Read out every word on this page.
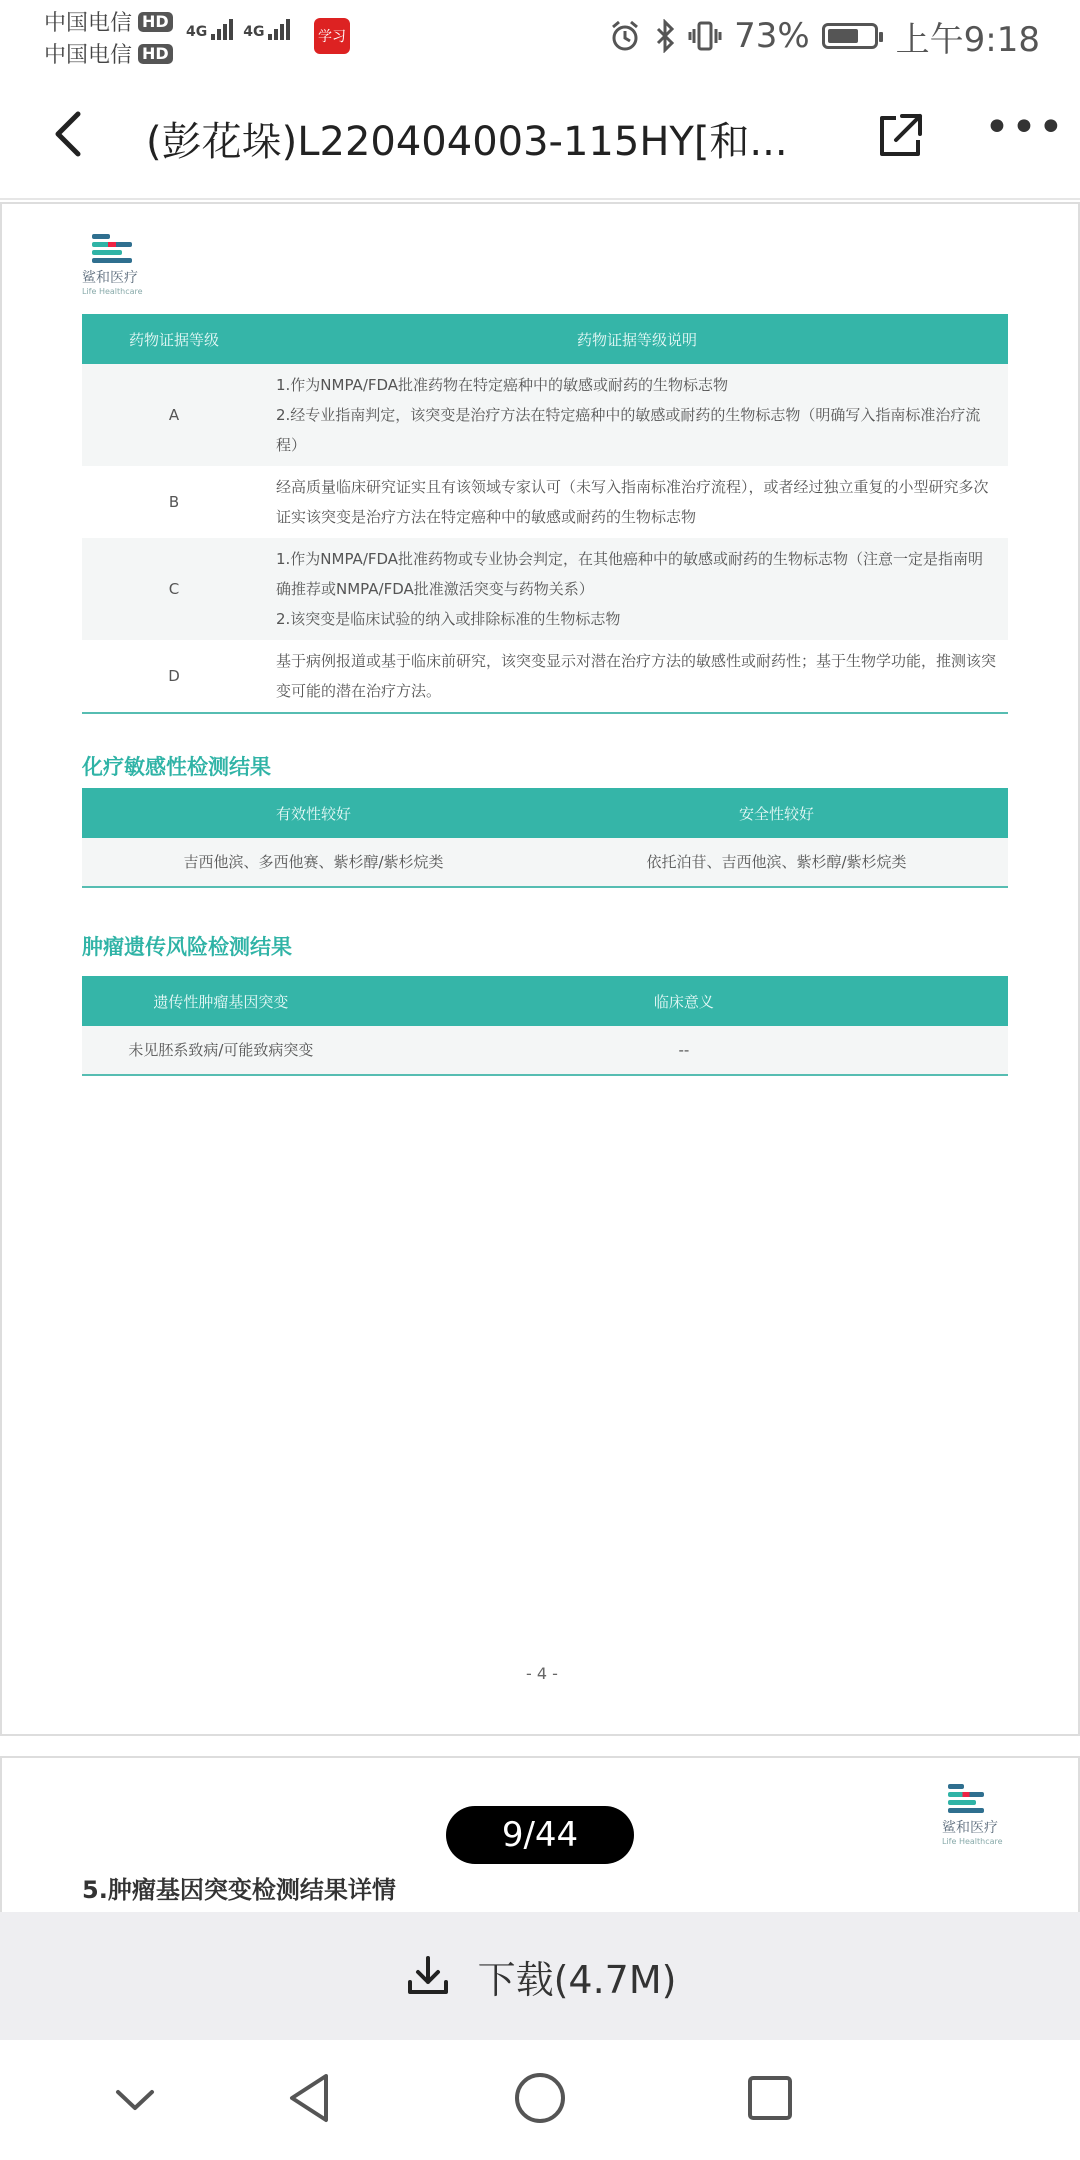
中国电信 HD
中国电信 HD
4G	4G	学习	73%	上午9:18
(彭花垛)L220404003-115HY[和...	•••
鲨和医疗
Life Healthcare
药物证据等级	药物证据等级说明
A	1.作为NMPA/FDA批准药物在特定癌种中的敏感或耐药的生物标志物
2.经专业指南判定，该突变是治疗方法在特定癌种中的敏感或耐药的生物标志物（明确写入指南标准治疗流程）

B	经高质量临床研究证实且有该领域专家认可（未写入指南标准治疗流程），或者经过独立重复的小型研究多次证实该突变是治疗方法在特定癌种中的敏感或耐药的生物标志物

C	1.作为NMPA/FDA批准药物或专业协会判定，在其他癌种中的敏感或耐药的生物标志物（注意一定是指南明确推荐或NMPA/FDA批准激活突变与药物关系）
2.该突变是临床试验的纳入或排除标准的生物标志物

D	基于病例报道或基于临床前研究，该突变显示对潜在治疗方法的敏感性或耐药性；基于生物学功能，推测该突变可能的潜在治疗方法。
化疗敏感性检测结果
有效性较好	安全性较好
吉西他滨、多西他赛、紫杉醇/紫杉烷类	依托泊苷、吉西他滨、紫杉醇/紫杉烷类
肿瘤遗传风险检测结果
遗传性肿瘤基因突变	临床意义
未见胚系致病/可能致病突变	--
- 4 -
鲨和医疗
Life Healthcare
5.肿瘤基因突变检测结果详情
9/44
下载(4.7M)
